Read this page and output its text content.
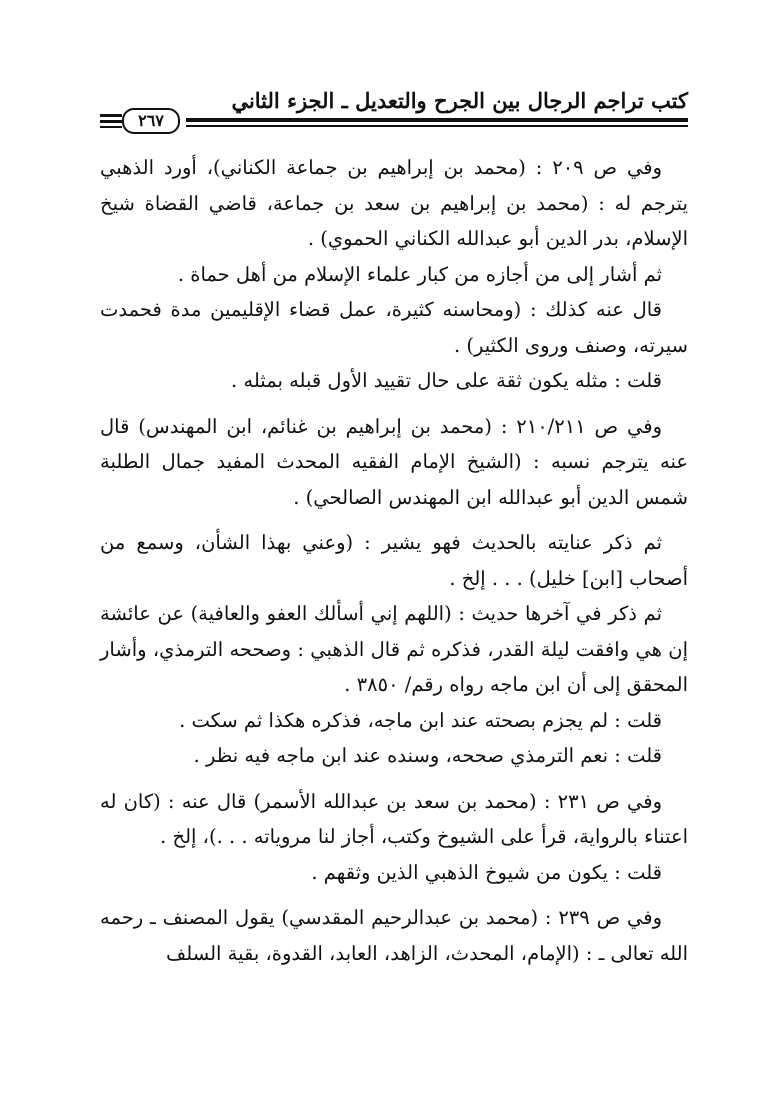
كتب تراجم الرجال بين الجرح والتعديل ـ الجزء الثاني
٢٦٧

وفي ص ٢٠٩ : (محمد بن إبراهيم بن جماعة الكناني)، أورد الذهبي يترجم له : (محمد بن إبراهيم بن سعد بن جماعة، قاضي القضاة شيخ الإسلام، بدر الدين أبو عبدالله الكناني الحموي) .

ثم أشار إلى من أجازه من كبار علماء الإسلام من أهل حماة .

قال عنه كذلك : (ومحاسنه كثيرة، عمل قضاء الإقليمين مدة فحمدت سيرته، وصنف وروى الكثير) .

قلت : مثله يكون ثقة على حال تقييد الأول قبله بمثله .

وفي ص ٢١٠/٢١١ : (محمد بن إبراهيم بن غنائم، ابن المهندس) قال عنه يترجم نسبه : (الشيخ الإمام الفقيه المحدث المفيد جمال الطلبة شمس الدين أبو عبدالله ابن المهندس الصالحي) .

ثم ذكر عنايته بالحديث فهو يشير : (وعني بهذا الشأن، وسمع من أصحاب [ابن] خليل) . . . إلخ .

ثم ذكر في آخرها حديث : (اللهم إني أسألك العفو والعافية) عن عائشة إن هي وافقت ليلة القدر، فذكره ثم قال الذهبي : وصححه الترمذي، وأشار المحقق إلى أن ابن ماجه رواه رقم/ ٣٨٥٠ .

قلت : لم يجزم بصحته عند ابن ماجه، فذكره هكذا ثم سكت .

قلت : نعم الترمذي صححه، وسنده عند ابن ماجه فيه نظر .

وفي ص ٢٣١ : (محمد بن سعد بن عبدالله الأسمر) قال عنه : (كان له اعتناء بالرواية، قرأ على الشيوخ وكتب، أجاز لنا مروياته . . .)، إلخ .

قلت : يكون من شيوخ الذهبي الذين وثقهم .

وفي ص ٢٣٩ : (محمد بن عبدالرحيم المقدسي) يقول المصنف ـ رحمه الله تعالى ـ : (الإمام، المحدث، الزاهد، العابد، القدوة، بقية السلف
